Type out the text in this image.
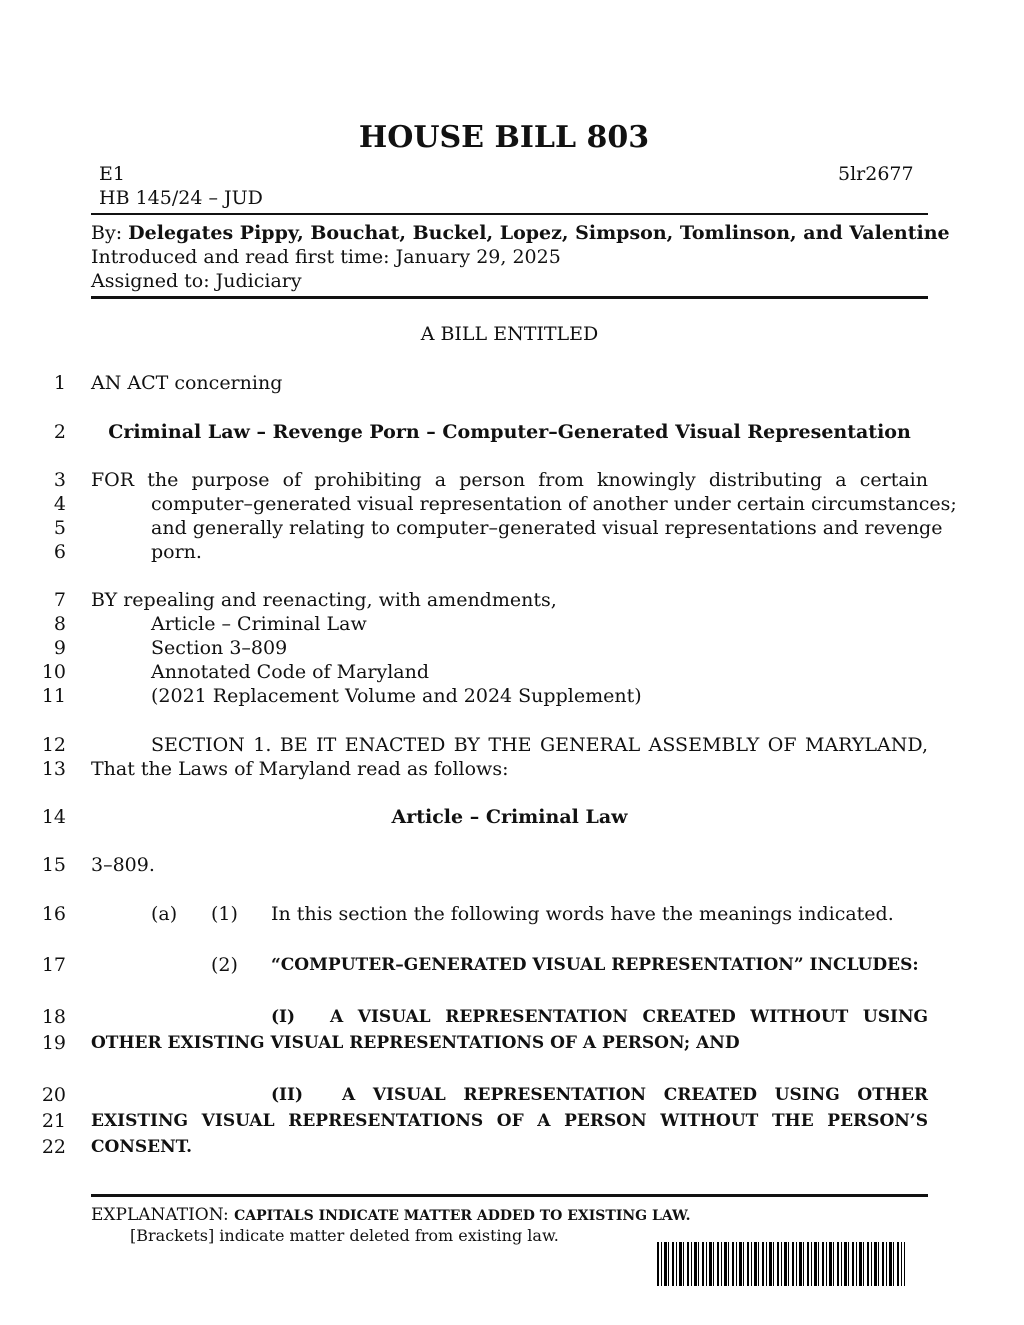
HOUSE BILL 803
E1
HB 145/24 – JUD
5lr2677
By: Delegates Pippy, Bouchat, Buckel, Lopez, Simpson, Tomlinson, and Valentine
Introduced and read first time: January 29, 2025
Assigned to: Judiciary
A BILL ENTITLED
1
2
3
4
5
6
7
8
9
10
11
12
13
14
15
16
17
18
19
20
21
22
AN ACT concerning
Criminal Law – Revenge Porn – Computer–Generated Visual Representation
FOR the purpose of prohibiting a person from knowingly distributing a certain
computer–generated visual representation of another under certain circumstances;
and generally relating to computer–generated visual representations and revenge
porn.
BY repealing and reenacting, with amendments,
Article – Criminal Law
Section 3–809
Annotated Code of Maryland
(2021 Replacement Volume and 2024 Supplement)
SECTION 1. BE IT ENACTED BY THE GENERAL ASSEMBLY OF MARYLAND,
That the Laws of Maryland read as follows:
Article – Criminal Law
3–809.
(a) (1) In this section the following words have the meanings indicated.
(2) “COMPUTER–GENERATED VISUAL REPRESENTATION” INCLUDES:
(I) A VISUAL REPRESENTATION CREATED WITHOUT USING
OTHER EXISTING VISUAL REPRESENTATIONS OF A PERSON; AND
(II) A VISUAL REPRESENTATION CREATED USING OTHER
EXISTING VISUAL REPRESENTATIONS OF A PERSON WITHOUT THE PERSON’S
CONSENT.
EXPLANATION: CAPITALS INDICATE MATTER ADDED TO EXISTING LAW.
[Brackets] indicate matter deleted from existing law.
